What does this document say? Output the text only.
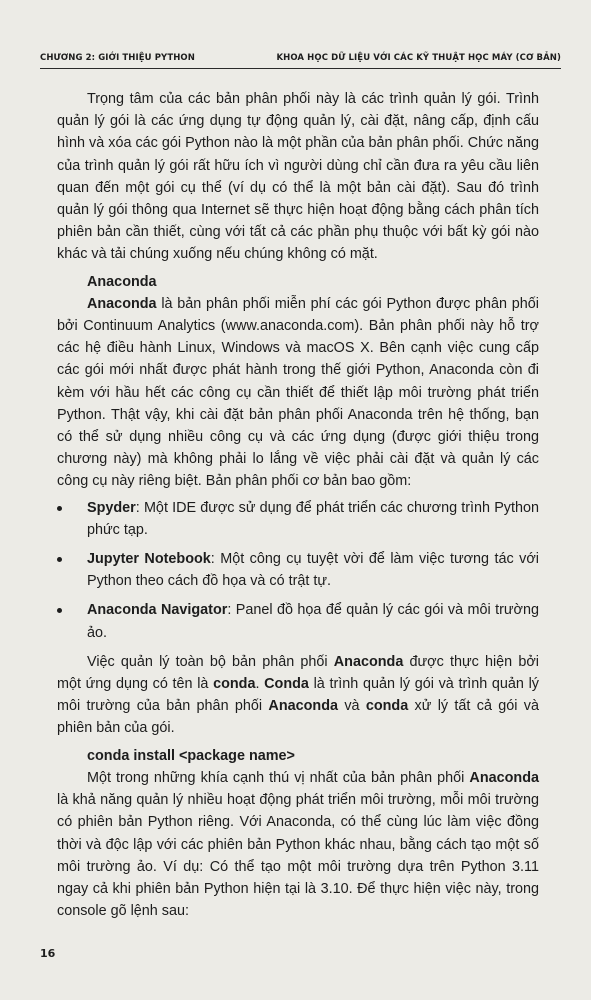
CHƯƠNG 2: GIỚI THIỆU PYTHON	KHOA HỌC DỮ LIỆU VỚI CÁC KỸ THUẬT HỌC MÁY (CƠ BẢN)

Trọng tâm của các bản phân phối này là các trình quản lý gói. Trình quản lý gói là các ứng dụng tự động quản lý, cài đặt, nâng cấp, định cấu hình và xóa các gói Python nào là một phần của bản phân phối. Chức năng của trình quản lý gói rất hữu ích vì người dùng chỉ cần đưa ra yêu cầu liên quan đến một gói cụ thể (ví dụ có thể là một bản cài đặt). Sau đó trình quản lý gói thông qua Internet sẽ thực hiện hoạt động bằng cách phân tích phiên bản cần thiết, cùng với tất cả các phần phụ thuộc với bất kỳ gói nào khác và tải chúng xuống nếu chúng không có mặt.

Anaconda

Anaconda là bản phân phối miễn phí các gói Python được phân phối bởi Continuum Analytics (www.anaconda.com). Bản phân phối này hỗ trợ các hệ điều hành Linux, Windows và macOS X. Bên cạnh việc cung cấp các gói mới nhất được phát hành trong thế giới Python, Anaconda còn đi kèm với hầu hết các công cụ cần thiết để thiết lập môi trường phát triển Python. Thật vậy, khi cài đặt bản phân phối Anaconda trên hệ thống, bạn có thể sử dụng nhiều công cụ và các ứng dụng (được giới thiệu trong chương này) mà không phải lo lắng về việc phải cài đặt và quản lý các công cụ này riêng biệt. Bản phân phối cơ bản bao gồm:

Spyder: Một IDE được sử dụng để phát triển các chương trình Python phức tạp.
Jupyter Notebook: Một công cụ tuyệt vời để làm việc tương tác với Python theo cách đồ họa và có trật tự.
Anaconda Navigator: Panel đồ họa để quản lý các gói và môi trường ảo.

Việc quản lý toàn bộ bản phân phối Anaconda được thực hiện bởi một ứng dụng có tên là conda. Conda là trình quản lý gói và trình quản lý môi trường của bản phân phối Anaconda và conda xử lý tất cả gói và phiên bản của gói.

conda install <package name>

Một trong những khía cạnh thú vị nhất của bản phân phối Anaconda là khả năng quản lý nhiều hoạt động phát triển môi trường, mỗi môi trường có phiên bản Python riêng. Với Anaconda, có thể cùng lúc làm việc đồng thời và độc lập với các phiên bản Python khác nhau, bằng cách tạo một số môi trường ảo. Ví dụ: Có thể tạo một môi trường dựa trên Python 3.11 ngay cả khi phiên bản Python hiện tại là 3.10. Để thực hiện việc này, trong console gõ lệnh sau:

16
